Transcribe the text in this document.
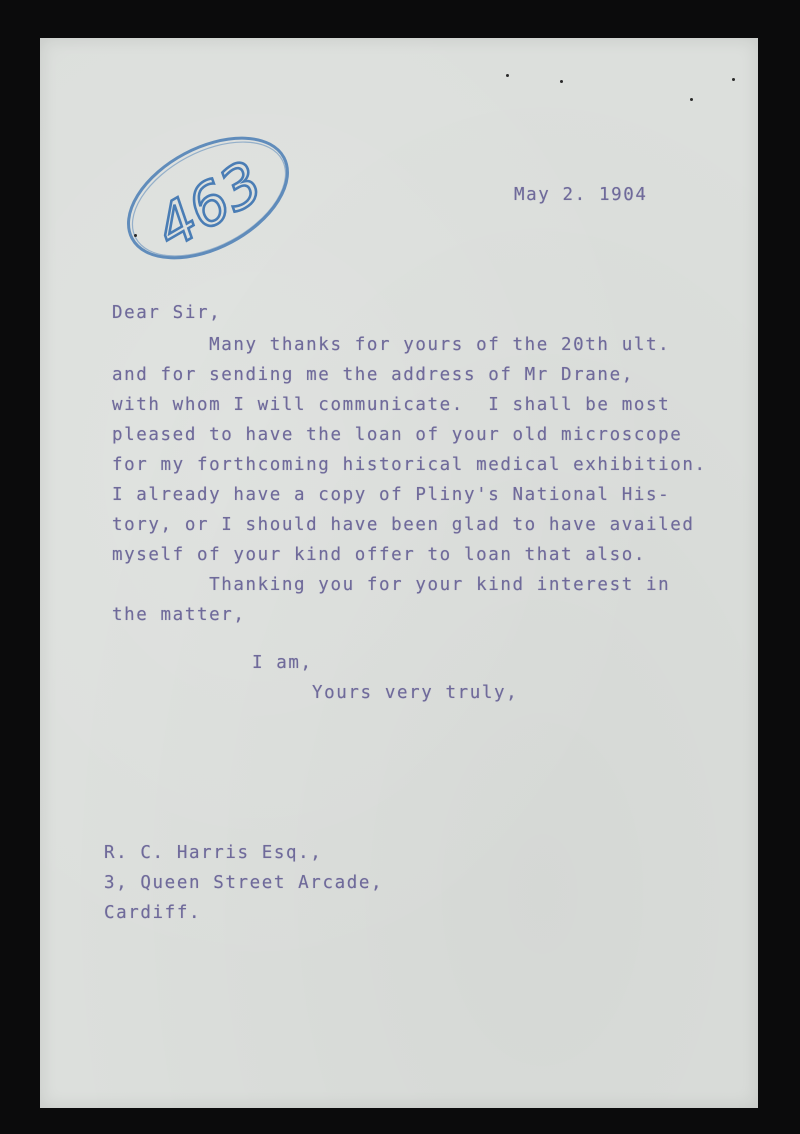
463	May 2. 1904
Dear Sir,
Many thanks for yours of the 20th ult.
and for sending me the address of Mr Drane,
with whom I will communicate.  I shall be most
pleased to have the loan of your old microscope
for my forthcoming historical medical exhibition.
I already have a copy of Pliny's National His-
tory, or I should have been glad to have availed
myself of your kind offer to loan that also.
Thanking you for your kind interest in
the matter,
I am,
Yours very truly,
R. C. Harris Esq.,
3, Queen Street Arcade,
Cardiff.
